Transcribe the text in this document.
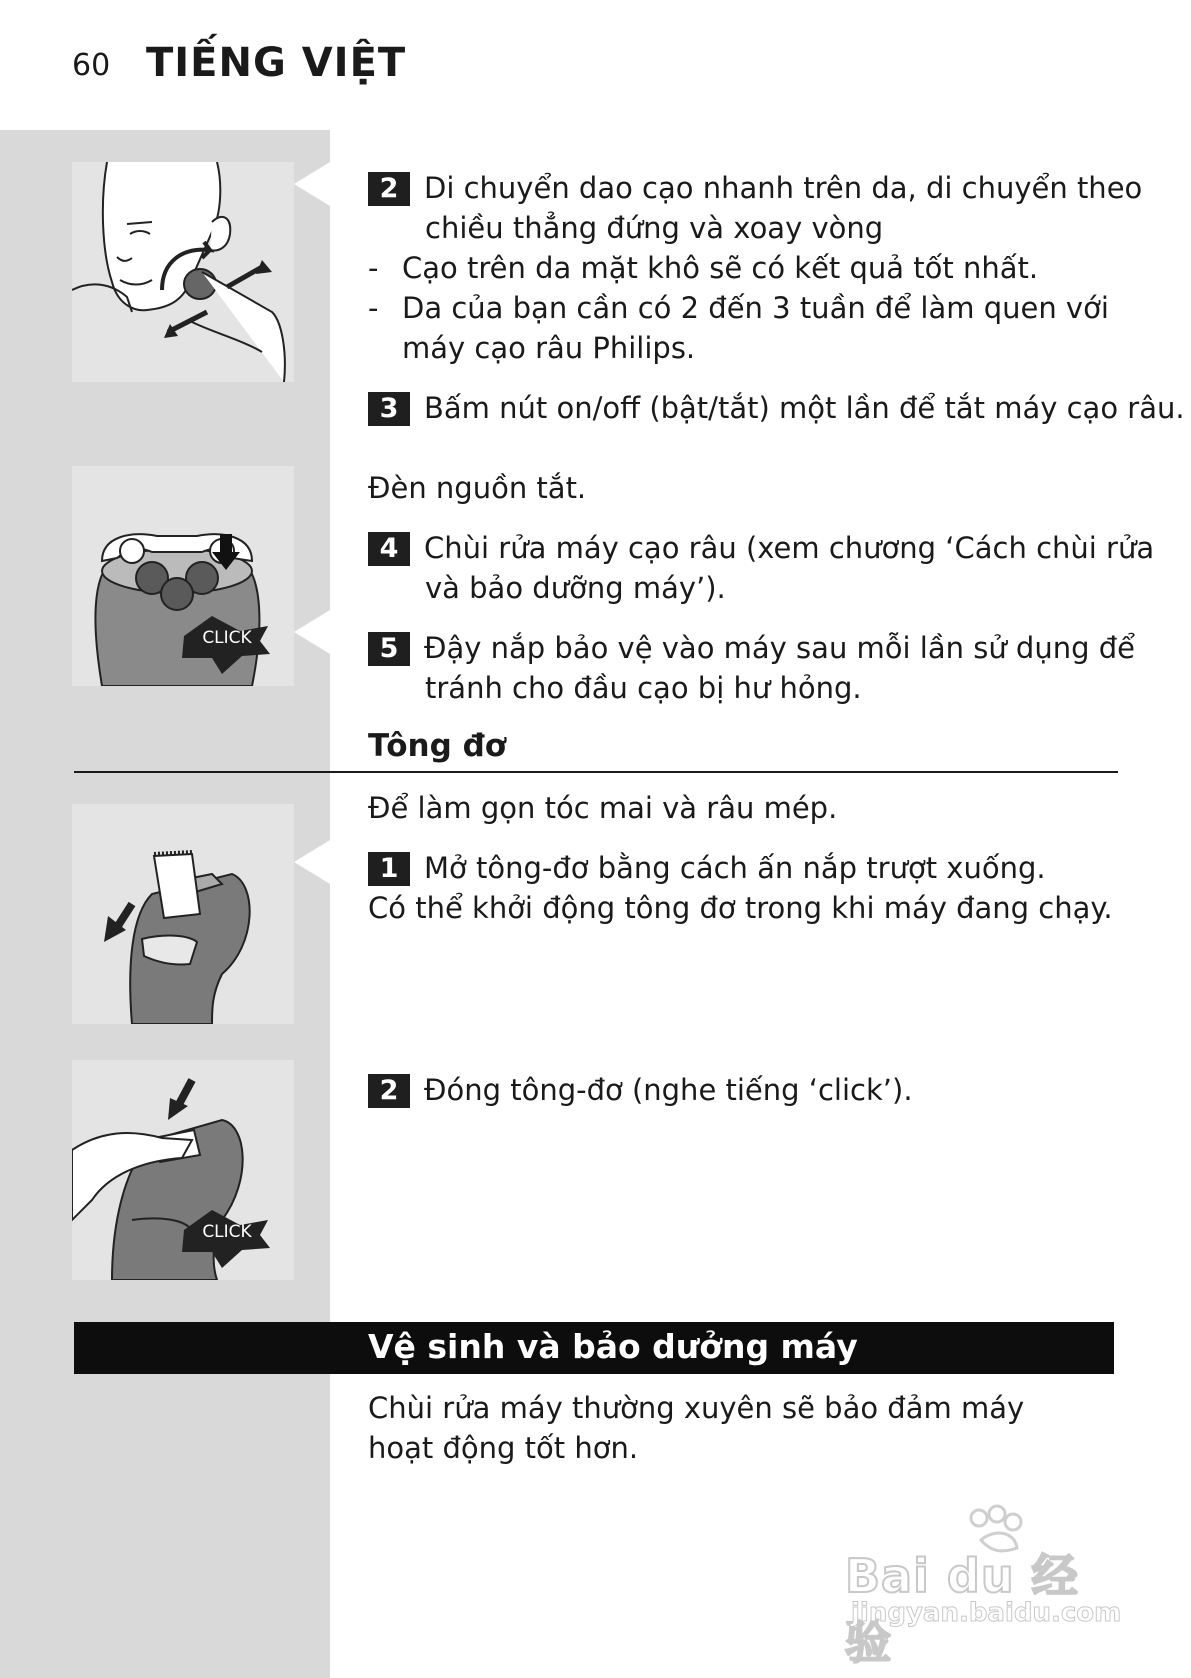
60 TIẾNG VIỆT
CLICK
CLICK
2 Di chuyển dao cạo nhanh trên da, di chuyển theo chiều thẳng đứng và xoay vòng
- Cạo trên da mặt khô sẽ có kết quả tốt nhất.
- Da của bạn cần có 2 đến 3 tuần để làm quen với máy cạo râu Philips.
3 Bấm nút on/off (bật/tắt) một lần để tắt máy cạo râu.
Đèn nguồn tắt.
4 Chùi rửa máy cạo râu (xem chương ‘Cách chùi rửa và bảo dưỡng máy’).
5 Đậy nắp bảo vệ vào máy sau mỗi lần sử dụng để tránh cho đầu cạo bị hư hỏng.
Tông đơ
Để làm gọn tóc mai và râu mép.
1 Mở tông-đơ bằng cách ấn nắp trượt xuống.
Có thể khởi động tông đơ trong khi máy đang chạy.
2 Đóng tông-đơ (nghe tiếng ‘click’).
Vệ sinh và bảo dưởng máy
Chùi rửa máy thường xuyên sẽ bảo đảm máy hoạt động tốt hơn.
Bai du 经验
jingyan.baidu.com
